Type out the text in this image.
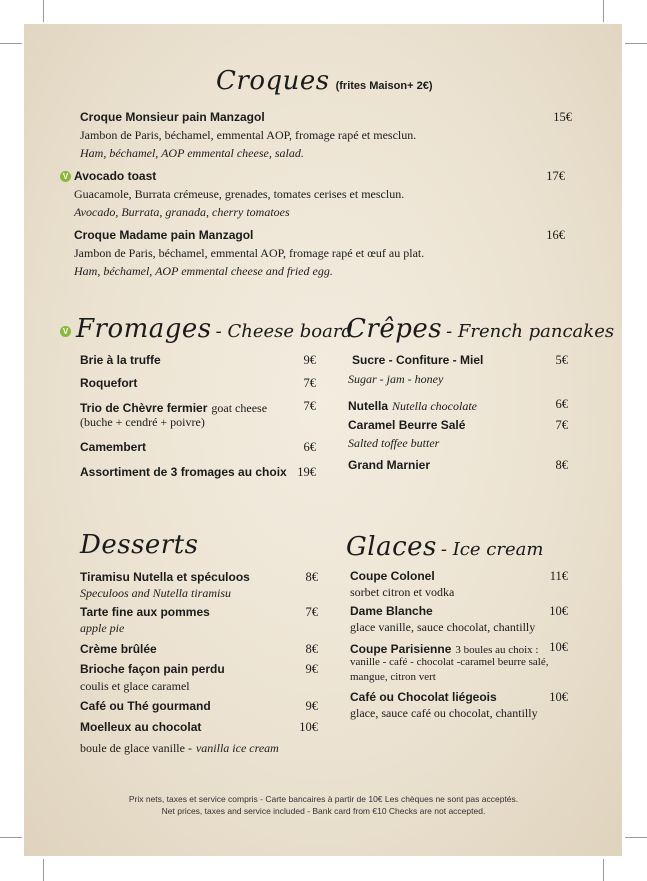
Croques (frites Maison+ 2€)
Croque Monsieur pain Manzagol	15€
Jambon de Paris, béchamel, emmental AOP, fromage rapé et mesclun.
Ham, béchamel, AOP emmental cheese, salad.
V Avocado toast	17€
Guacamole, Burrata crémeuse, grenades, tomates cerises et mesclun.
Avocado, Burrata, granada, cherry tomatoes
Croque Madame pain Manzagol	16€
Jambon de Paris, béchamel, emmental AOP, fromage rapé et œuf au plat.
Ham, béchamel, AOP emmental cheese and fried egg.
V Fromages - Cheese board
Brie à la truffe	9€
Roquefort	7€
Trio de Chèvre fermier goat cheese	7€
(buche + cendré + poivre)
Camembert	6€
Assortiment de 3 fromages au choix 19€
Crêpes - French pancakes
Sucre - Confiture - Miel	5€
Sugar - jam - honey
Nutella Nutella chocolate	6€
Caramel Beurre Salé	7€
Salted toffee butter
Grand Marnier	8€
Desserts
Tiramisu Nutella et spéculoos	8€
Speculoos and Nutella tiramisu
Tarte fine aux pommes	7€
apple pie
Crème brûlée	8€
Brioche façon pain perdu	9€
coulis et glace caramel
Café ou Thé gourmand	9€
Moelleux au chocolat	10€
boule de glace vanille - vanilla ice cream
Glaces - Ice cream
Coupe Colonel	11€
sorbet citron et vodka
Dame Blanche	10€
glace vanille, sauce chocolat, chantilly
Coupe Parisienne 3 boules au choix : 10€
vanille - café - chocolat -caramel beurre salé,
mangue, citron vert
Café ou Chocolat liégeois	10€
glace, sauce café ou chocolat, chantilly
Prix nets, taxes et service compris - Carte bancaires à partir de 10€ Les chèques ne sont pas acceptés.
Net prices, taxes and service included - Bank card from €10 Checks are not accepted.
